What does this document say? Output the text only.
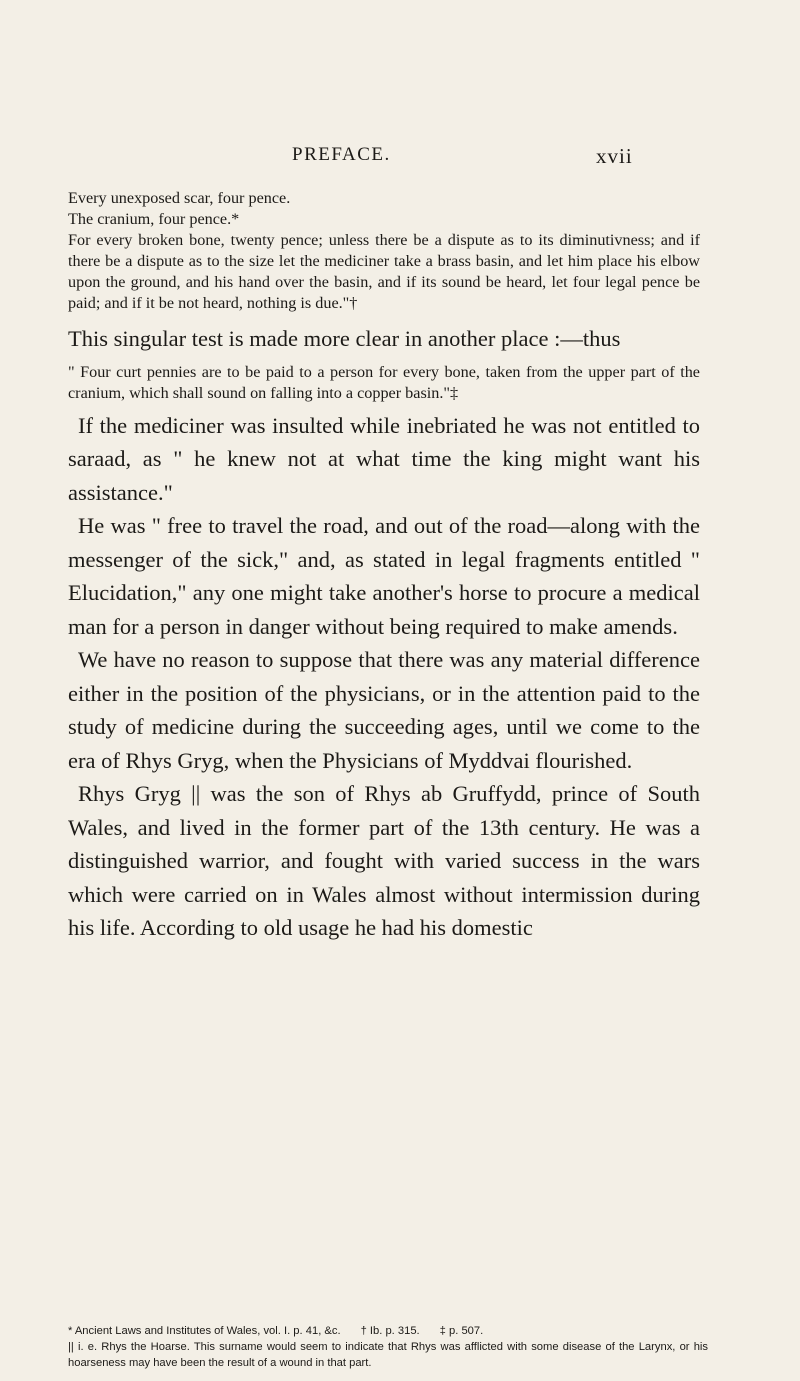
PREFACE.	xvii

Every unexposed scar, four pence.

The cranium, four pence.*

For every broken bone, twenty pence; unless there be a dispute as to its diminutivness; and if there be a dispute as to the size let the mediciner take a brass basin, and let him place his elbow upon the ground, and his hand over the basin, and if its sound be heard, let four legal pence be paid; and if it be not heard, nothing is due."†

This singular test is made more clear in another place :—thus

" Four curt pennies are to be paid to a person for every bone, taken from the upper part of the cranium, which shall sound on falling into a copper basin."‡

If the mediciner was insulted while inebriated he was not entitled to saraad, as " he knew not at what time the king might want his assistance."

He was " free to travel the road, and out of the road—along with the messenger of the sick," and, as stated in legal fragments entitled " Elucidation," any one might take another's horse to procure a medical man for a person in danger without being required to make amends.

We have no reason to suppose that there was any material difference either in the position of the physicians, or in the attention paid to the study of medicine during the succeeding ages, until we come to the era of Rhys Gryg, when the Physicians of Myddvai flourished.

Rhys Gryg || was the son of Rhys ab Gruffydd, prince of South Wales, and lived in the former part of the 13th century. He was a distinguished warrior, and fought with varied success in the wars which were carried on in Wales almost without intermission during his life. According to old usage he had his domestic

* Ancient Laws and Institutes of Wales, vol. I. p. 41, &c. † Ib. p. 315. ‡ p. 507.

|| i. e. Rhys the Hoarse. This surname would seem to indicate that Rhys was afflicted with some disease of the Larynx, or his hoarseness may have been the result of a wound in that part.
